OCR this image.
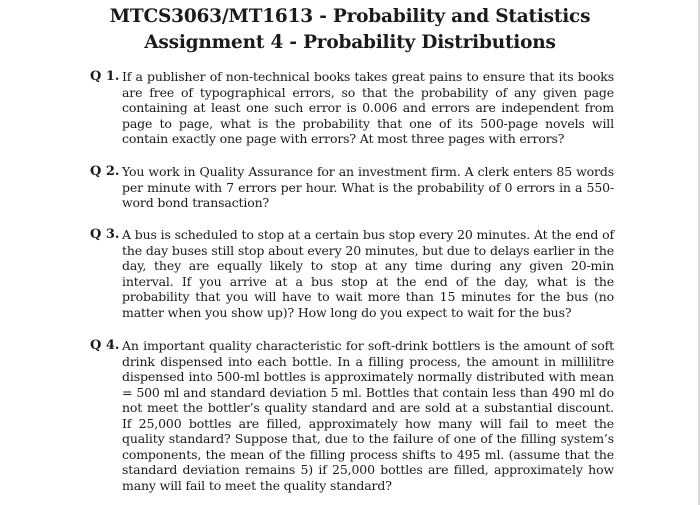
MTCS3063/MT1613 - Probability and Statistics
Assignment 4 - Probability Distributions
Q 1. If a publisher of non-technical books takes great pains to ensure that its books are free of typographical errors, so that the probability of any given page containing at least one such error is 0.006 and errors are independent from page to page, what is the probability that one of its 500-page novels will contain exactly one page with errors? At most three pages with errors?
Q 2. You work in Quality Assurance for an investment firm. A clerk enters 85 words per minute with 7 errors per hour. What is the probability of 0 errors in a 550-word bond transaction?
Q 3. A bus is scheduled to stop at a certain bus stop every 20 minutes. At the end of the day buses still stop about every 20 minutes, but due to delays earlier in the day, they are equally likely to stop at any time during any given 20-min interval. If you arrive at a bus stop at the end of the day, what is the probability that you will have to wait more than 15 minutes for the bus (no matter when you show up)? How long do you expect to wait for the bus?
Q 4. An important quality characteristic for soft-drink bottlers is the amount of soft drink dispensed into each bottle. In a filling process, the amount in millilitre dispensed into 500-ml bottles is approximately normally distributed with mean = 500 ml and standard deviation 5 ml. Bottles that contain less than 490 ml do not meet the bottler’s quality standard and are sold at a substantial discount. If 25,000 bottles are filled, approximately how many will fail to meet the quality standard? Suppose that, due to the failure of one of the filling system’s components, the mean of the filling process shifts to 495 ml. (assume that the standard deviation remains 5) if 25,000 bottles are filled, approximately how many will fail to meet the quality standard?
